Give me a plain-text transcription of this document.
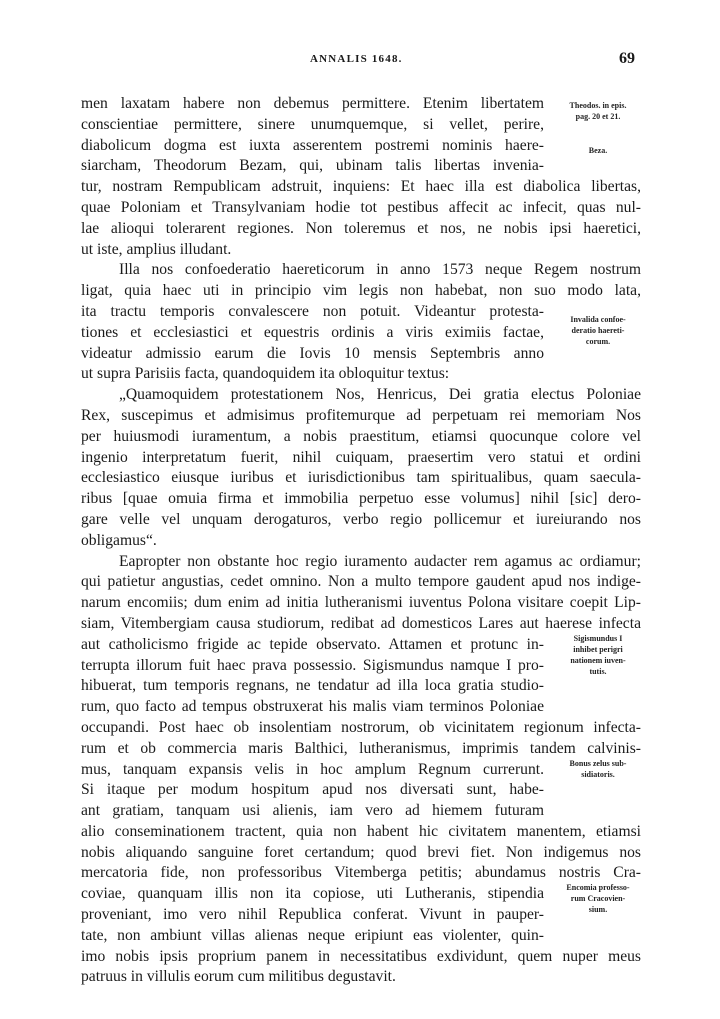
ANNALIS 1648.	69
men laxatam habere non debemus permittere. Etenim libertatem
conscientiae permittere, sinere unumquemque, si vellet, perire,
diabolicum dogma est iuxta asserentem postremi nominis haere-
siarcham, Theodorum Bezam, qui, ubinam talis libertas invenia-
tur, nostram Rempublicam adstruit, inquiens: Et haec illa est diabolica libertas,
quae Poloniam et Transylvaniam hodie tot pestibus affecit ac infecit, quas nul-
lae alioqui tolerarent regiones. Non toleremus et nos, ne nobis ipsi haeretici,
ut iste, amplius illudant.
Illa nos confoederatio haereticorum in anno 1573 neque Regem nostrum
ligat, quia haec uti in principio vim legis non habebat, non suo modo lata,
ita tractu temporis convalescere non potuit. Videantur protesta-
tiones et ecclesiastici et equestris ordinis a viris eximiis factae,
videatur admissio earum die Iovis 10 mensis Septembris anno
ut supra Parisiis facta, quandoquidem ita obloquitur textus:
„Quamoquidem protestationem Nos, Henricus, Dei gratia electus Poloniae
Rex, suscepimus et admisimus profitemurque ad perpetuam rei memoriam Nos
per huiusmodi iuramentum, a nobis praestitum, etiamsi quocunque colore vel
ingenio interpretatum fuerit, nihil cuiquam, praesertim vero statui et ordini
ecclesiastico eiusque iuribus et iurisdictionibus tam spiritualibus, quam saecula-
ribus [quae omuia firma et immobilia perpetuo esse volumus] nihil [sic] dero-
gare velle vel unquam derogaturos, verbo regio pollicemur et iureiurando nos
obligamus“.
Eapropter non obstante hoc regio iuramento audacter rem agamus ac ordiamur;
qui patietur angustias, cedet omnino. Non a multo tempore gaudent apud nos indige-
narum encomiis; dum enim ad initia lutheranismi iuventus Polona visitare coepit Lip-
siam, Vitembergiam causa studiorum, redibat ad domesticos Lares aut haerese infecta
aut catholicismo frigide ac tepide observato. Attamen et protunc in-
terrupta illorum fuit haec prava possessio. Sigismundus namque I pro-
hibuerat, tum temporis regnans, ne tendatur ad illa loca gratia studio-
rum, quo facto ad tempus obstruxerat his malis viam terminos Poloniae
occupandi. Post haec ob insolentiam nostrorum, ob vicinitatem regionum infecta-
rum et ob commercia maris Balthici, lutheranismus, imprimis tandem calvinis-
mus, tanquam expansis velis in hoc amplum Regnum currerunt.
Si itaque per modum hospitum apud nos diversati sunt, habe-
ant gratiam, tanquam usi alienis, iam vero ad hiemem futuram
alio conseminationem tractent, quia non habent hic civitatem manentem, etiamsi
nobis aliquando sanguine foret certandum; quod brevi fiet. Non indigemus nos
mercatoria fide, non professoribus Vitemberga petitis; abundamus nostris Cra-
coviae, quanquam illis non ita copiose, uti Lutheranis, stipendia
proveniant, imo vero nihil Republica conferat. Vivunt in pauper-
tate, non ambiunt villas alienas neque eripiunt eas violenter, quin-
imo nobis ipsis proprium panem in necessitatibus exdividunt, quem nuper meus
patruus in villulis eorum cum militibus degustavit.
Theodos. in epis.
pag. 20 et 21.
Beza.
Invalida confoe-
deratio haereti-
corum.
Sigismundus I
inhibet perigri
nationem iuven-
tutis.
Bonus zelus sub-
sidiatoris.
Encomia professo-
rum Cracovien-
sium.
